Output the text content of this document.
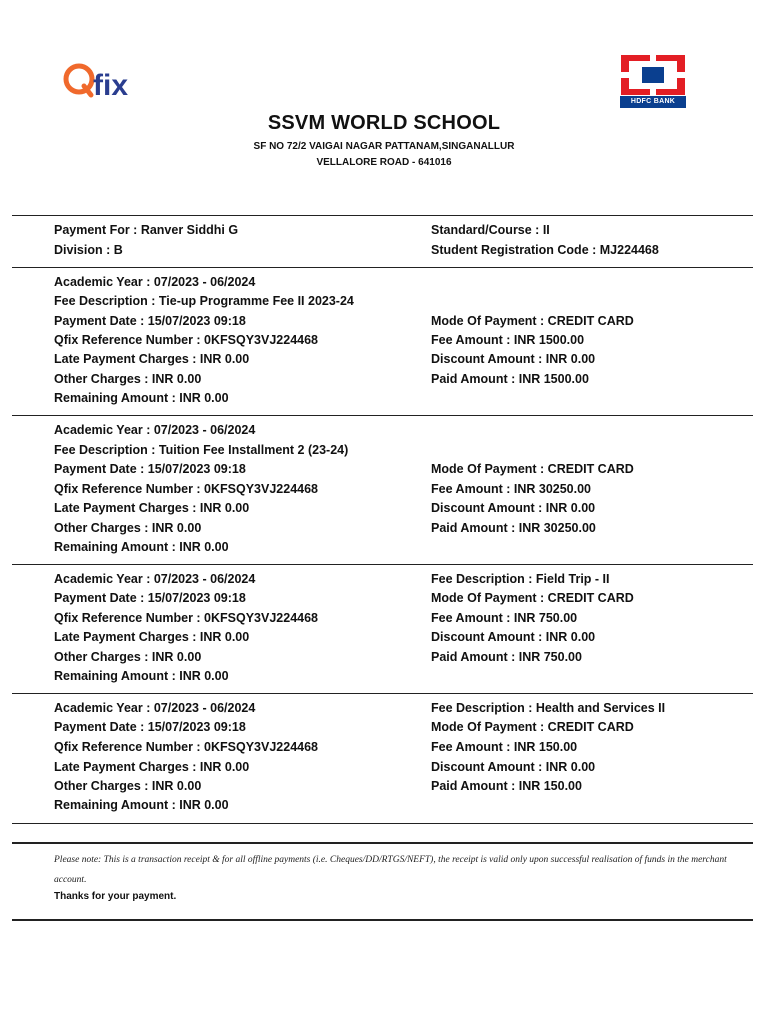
fix	HDFC BANK
SSVM WORLD SCHOOL
SF NO 72/2 VAIGAI NAGAR PATTANAM,SINGANALLUR
VELLALORE ROAD - 641016
Payment For : Ranver Siddhi G	Standard/Course : II
Division : B	Student Registration Code : MJ224468
Academic Year : 07/2023 - 06/2024
Fee Description : Tie-up Programme Fee II 2023-24
Payment Date : 15/07/2023 09:18	Mode Of Payment : CREDIT CARD
Qfix Reference Number : 0KFSQY3VJ224468	Fee Amount : INR 1500.00
Late Payment Charges : INR 0.00	Discount Amount : INR 0.00
Other Charges : INR 0.00	Paid Amount : INR 1500.00
Remaining Amount : INR 0.00
Academic Year : 07/2023 - 06/2024
Fee Description : Tuition Fee Installment 2 (23-24)
Payment Date : 15/07/2023 09:18	Mode Of Payment : CREDIT CARD
Qfix Reference Number : 0KFSQY3VJ224468	Fee Amount : INR 30250.00
Late Payment Charges : INR 0.00	Discount Amount : INR 0.00
Other Charges : INR 0.00	Paid Amount : INR 30250.00
Remaining Amount : INR 0.00
Academic Year : 07/2023 - 06/2024	Fee Description : Field Trip - II
Payment Date : 15/07/2023 09:18	Mode Of Payment : CREDIT CARD
Qfix Reference Number : 0KFSQY3VJ224468	Fee Amount : INR 750.00
Late Payment Charges : INR 0.00	Discount Amount : INR 0.00
Other Charges : INR 0.00	Paid Amount : INR 750.00
Remaining Amount : INR 0.00
Academic Year : 07/2023 - 06/2024	Fee Description : Health and Services II
Payment Date : 15/07/2023 09:18	Mode Of Payment : CREDIT CARD
Qfix Reference Number : 0KFSQY3VJ224468	Fee Amount : INR 150.00
Late Payment Charges : INR 0.00	Discount Amount : INR 0.00
Other Charges : INR 0.00	Paid Amount : INR 150.00
Remaining Amount : INR 0.00
Please note: This is a transaction receipt & for all offline payments (i.e. Cheques/DD/RTGS/NEFT), the receipt is valid only upon successful realisation of funds in the merchant account.
Thanks for your payment.
